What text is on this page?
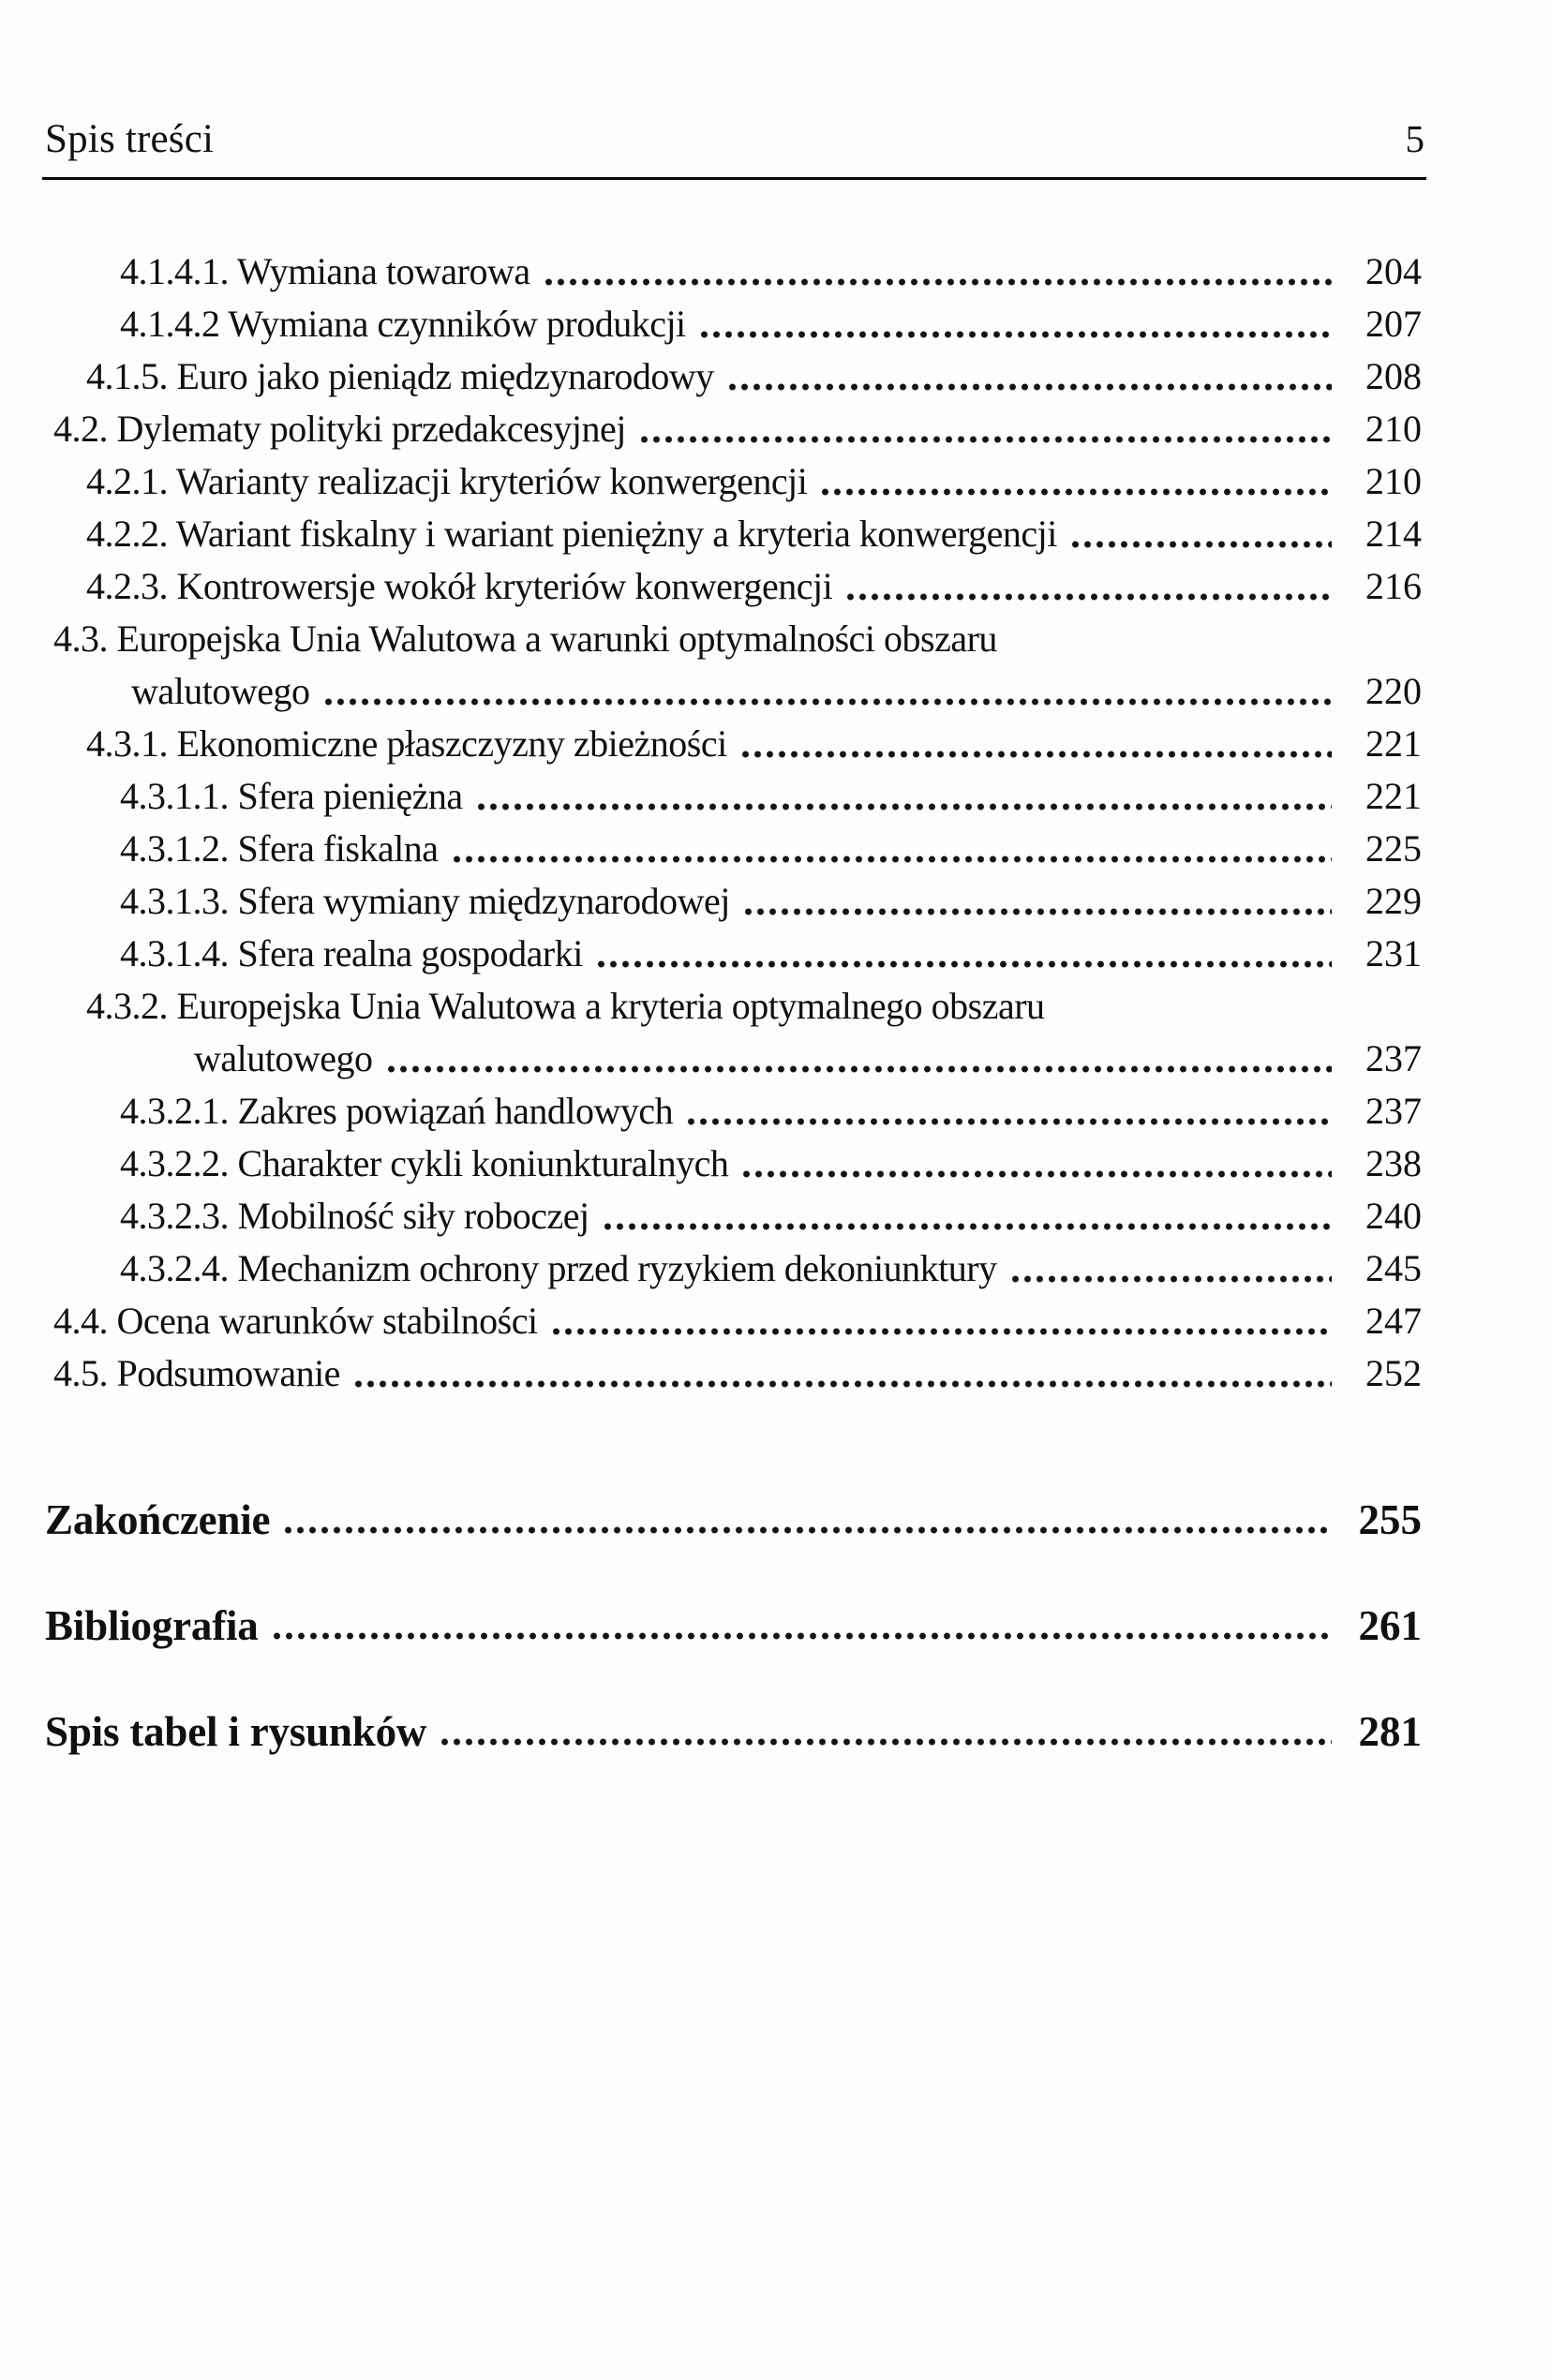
Spis treści	5
4.1.4.1. Wymiana towarowa	204
4.1.4.2 Wymiana czynników produkcji	207
4.1.5. Euro jako pieniądz międzynarodowy	208
4.2. Dylematy polityki przedakcesyjnej	210
4.2.1. Warianty realizacji kryteriów konwergencji	210
4.2.2. Wariant fiskalny i wariant pieniężny a kryteria konwergencji	214
4.2.3. Kontrowersje wokół kryteriów konwergencji	216
4.3. Europejska Unia Walutowa a warunki optymalności obszaru
walutowego	220
4.3.1. Ekonomiczne płaszczyzny zbieżności	221
4.3.1.1. Sfera pieniężna	221
4.3.1.2. Sfera fiskalna	225
4.3.1.3. Sfera wymiany międzynarodowej	229
4.3.1.4. Sfera realna gospodarki	231
4.3.2. Europejska Unia Walutowa a kryteria optymalnego obszaru
walutowego	237
4.3.2.1. Zakres powiązań handlowych	237
4.3.2.2. Charakter cykli koniunkturalnych	238
4.3.2.3. Mobilność siły roboczej	240
4.3.2.4. Mechanizm ochrony przed ryzykiem dekoniunktury	245
4.4. Ocena warunków stabilności	247
4.5. Podsumowanie	252
Zakończenie	255
Bibliografia	261
Spis tabel i rysunków	281
